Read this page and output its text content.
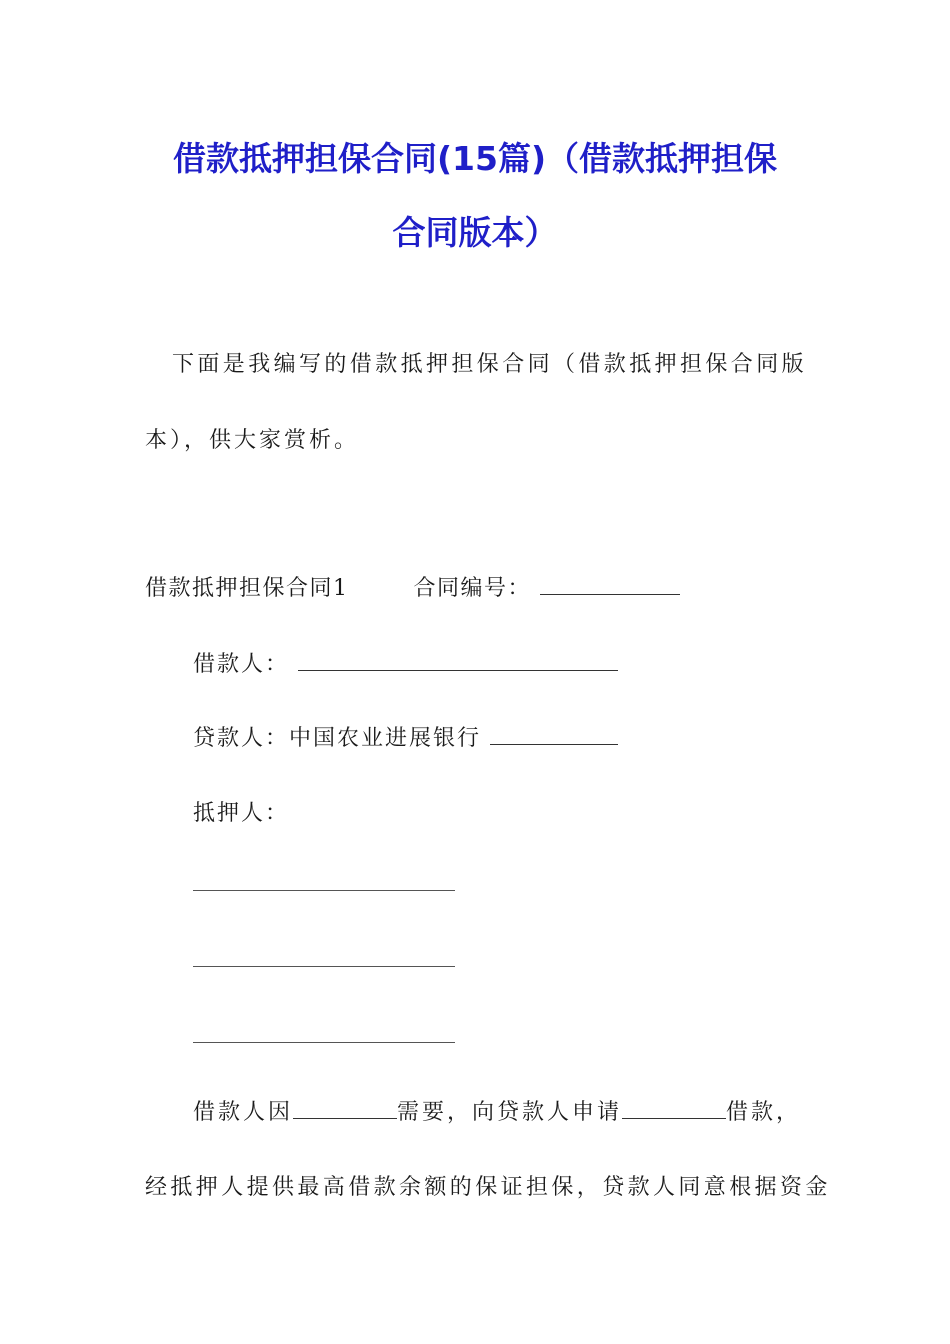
借款抵押担保合同(15篇)（借款抵押担保
合同版本）
下面是我编写的借款抵押担保合同（借款抵押担保合同版
本），供大家赏析。
借款抵押担保合同1	合同编号：
借款人：
贷款人：中国农业进展银行
抵押人：
借款人因	需要，向贷款人申请	借款，
经抵押人提供最高借款余额的保证担保，贷款人同意根据资金
